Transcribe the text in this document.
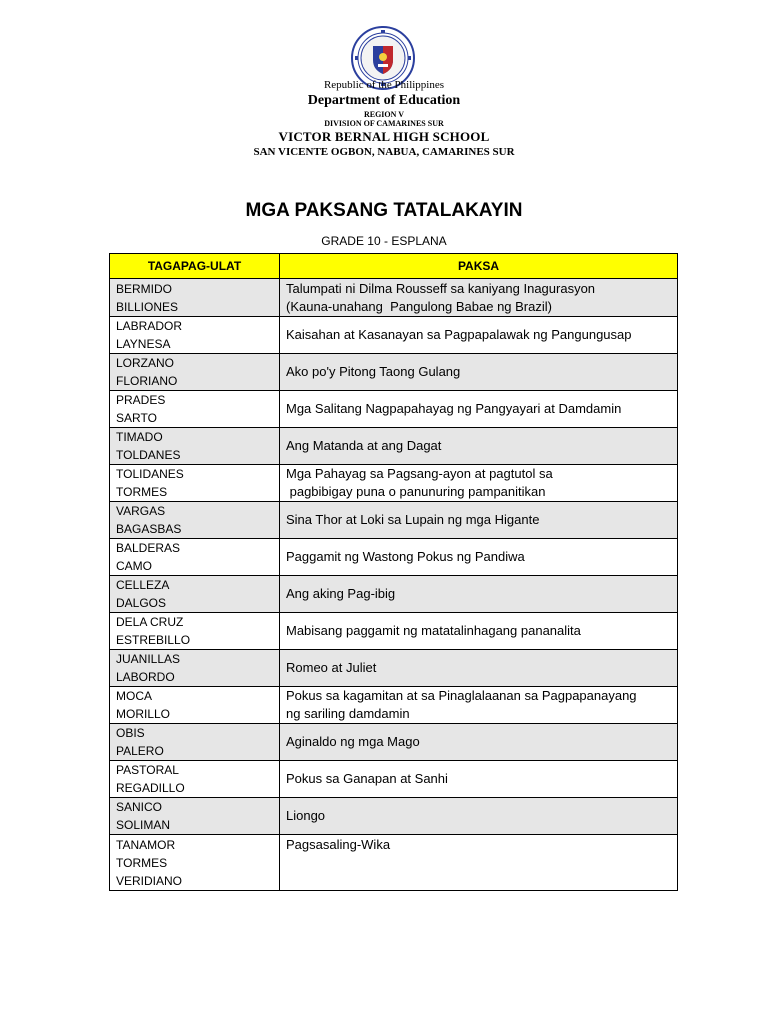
Republic of the Philippines
Department of Education
REGION V
DIVISION OF CAMARINES SUR
VICTOR BERNAL HIGH SCHOOL
SAN VICENTE OGBON, NABUA, CAMARINES SUR
MGA PAKSANG TATALAKAYIN
GRADE 10 - ESPLANA
TAGAPAG-ULAT	PAKSA

BERMIDO
BILLIONES	Talumpati ni Dilma Rousseff sa kaniyang Inagurasyon
(Kauna-unahang  Pangulong Babae ng Brazil)

LABRADOR
LAYNESA	Kaisahan at Kasanayan sa Pagpapalawak ng Pangungusap

LORZANO
FLORIANO	Ako po'y Pitong Taong Gulang

PRADES
SARTO	Mga Salitang Nagpapahayag ng Pangyayari at Damdamin

TIMADO
TOLDANES	Ang Matanda at ang Dagat

TOLIDANES
TORMES	Mga Pahayag sa Pagsang-ayon at pagtutol sa
pagbibigay puna o panunuring pampanitikan

VARGAS
BAGASBAS	Sina Thor at Loki sa Lupain ng mga Higante

BALDERAS
CAMO	Paggamit ng Wastong Pokus ng Pandiwa

CELLEZA
DALGOS	Ang aking Pag-ibig

DELA CRUZ
ESTREBILLO	Mabisang paggamit ng matatalinhagang pananalita

JUANILLAS
LABORDO	Romeo at Juliet

MOCA
MORILLO	Pokus sa kagamitan at sa Pinaglalaanan sa Pagpapanayang
ng sariling damdamin

OBIS
PALERO	Aginaldo ng mga Mago

PASTORAL
REGADILLO	Pokus sa Ganapan at Sanhi

SANICO
SOLIMAN	Liongo

TANAMOR
TORMES
VERIDIANO	Pagsasaling-Wika
